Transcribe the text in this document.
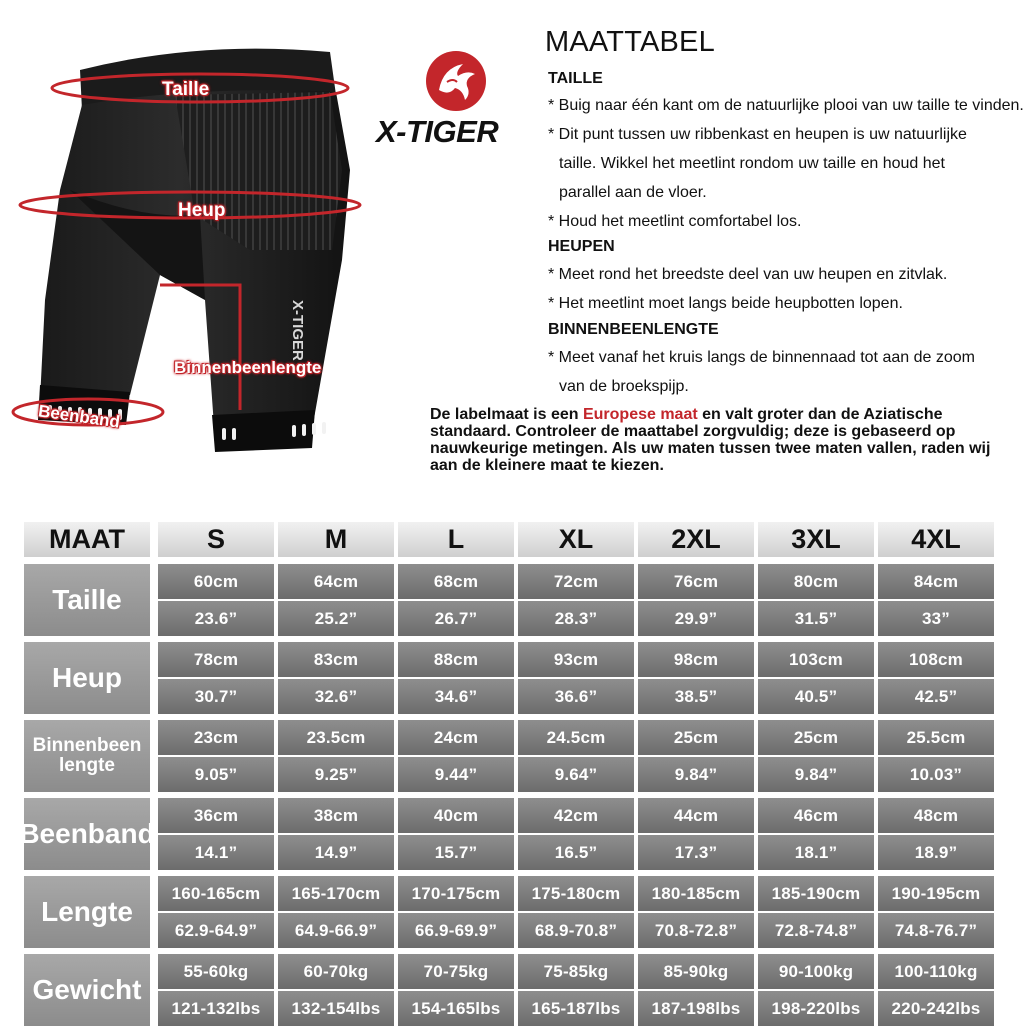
X-TIGER
Taille
Heup
Binnenbeenlengte
Beenband
X-TIGER
MAATTABEL
TAILLE
* Buig naar één kant om de natuurlijke plooi van uw taille te vinden.
* Dit punt tussen uw ribbenkast en heupen is uw natuurlijke
taille. Wikkel het meetlint rondom uw taille en houd het
parallel aan de vloer.
* Houd het meetlint comfortabel los.
HEUPEN
* Meet rond het breedste deel van uw heupen en zitvlak.
* Het meetlint moet langs beide heupbotten lopen.
BINNENBEENLENGTE
* Meet vanaf het kruis langs de binnennaad tot aan de zoom
van de broekspijp.
De labelmaat is een Europese maat en valt groter dan de Aziatische standaard. Controleer de maattabel zorgvuldig; deze is gebaseerd op nauwkeurige metingen. Als uw maten tussen twee maten vallen, raden wij aan de kleinere maat te kiezen.
MAAT	S	M	L	XL	2XL	3XL	4XL
Taille
60cm	64cm	68cm	72cm	76cm	80cm	84cm
23.6”	25.2”	26.7”	28.3”	29.9”	31.5”	33”
Heup
78cm	83cm	88cm	93cm	98cm	103cm	108cm
30.7”	32.6”	34.6”	36.6”	38.5”	40.5”	42.5”
Binnenbeen lengte
23cm	23.5cm	24cm	24.5cm	25cm	25cm	25.5cm
9.05”	9.25”	9.44”	9.64”	9.84”	9.84”	10.03”
Beenband
36cm	38cm	40cm	42cm	44cm	46cm	48cm
14.1”	14.9”	15.7”	16.5”	17.3”	18.1”	18.9”
Lengte
160-165cm	165-170cm	170-175cm	175-180cm	180-185cm	185-190cm	190-195cm
62.9-64.9”	64.9-66.9”	66.9-69.9”	68.9-70.8”	70.8-72.8”	72.8-74.8”	74.8-76.7”
Gewicht
55-60kg	60-70kg	70-75kg	75-85kg	85-90kg	90-100kg	100-110kg
121-132lbs	132-154lbs	154-165lbs	165-187lbs	187-198lbs	198-220lbs	220-242lbs
